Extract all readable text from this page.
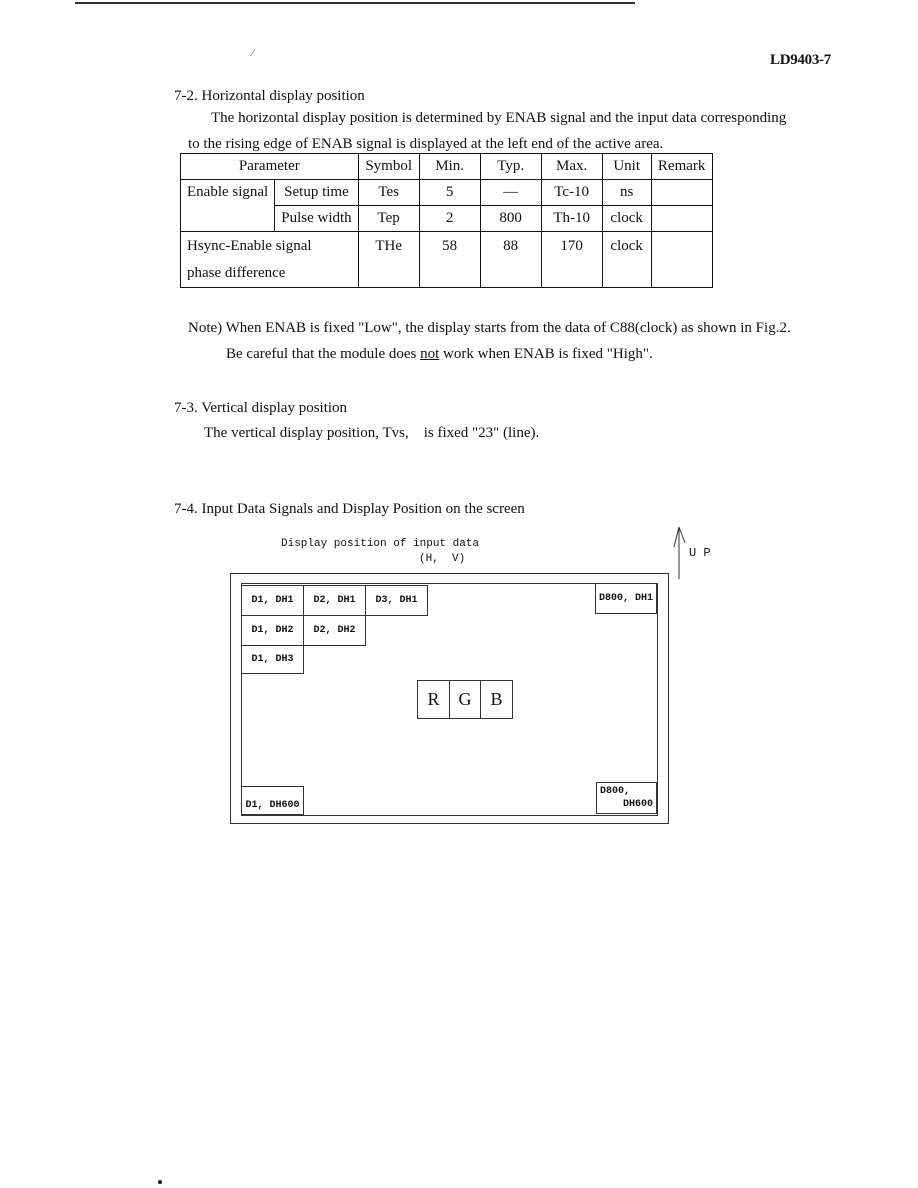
⁄	LD9403-7
7-2. Horizontal display position
The horizontal display position is determined by ENAB signal and the input data corresponding
to the rising edge of ENAB signal is displayed at the left end of the active area.
Parameter		Symbol	Min.	Typ.	Max.	Unit	Remark
Enable signal	Setup time	Tes	5	—	Tc-10	ns	
	Pulse width	Tep	2	800	Th-10	clock	

Hsync-Enable signal
phase difference		THe	58	88	170	clock	
Note) When ENAB is fixed "Low", the display starts from the data of C88(clock) as shown in Fig.2.
Be careful that the module does not work when ENAB is fixed "High".
7-3. Vertical display position
The vertical display position, Tvs,    is fixed "23" (line).
7-4. Input Data Signals and Display Position on the screen
Display position of input data
(H,  V)	U P
D1, DH1	D2, DH1	D3, DH1	D800, DH1
D1, DH2	D2, DH2
D1, DH3
D1, DH600
D800,
DH600
R	G	B
